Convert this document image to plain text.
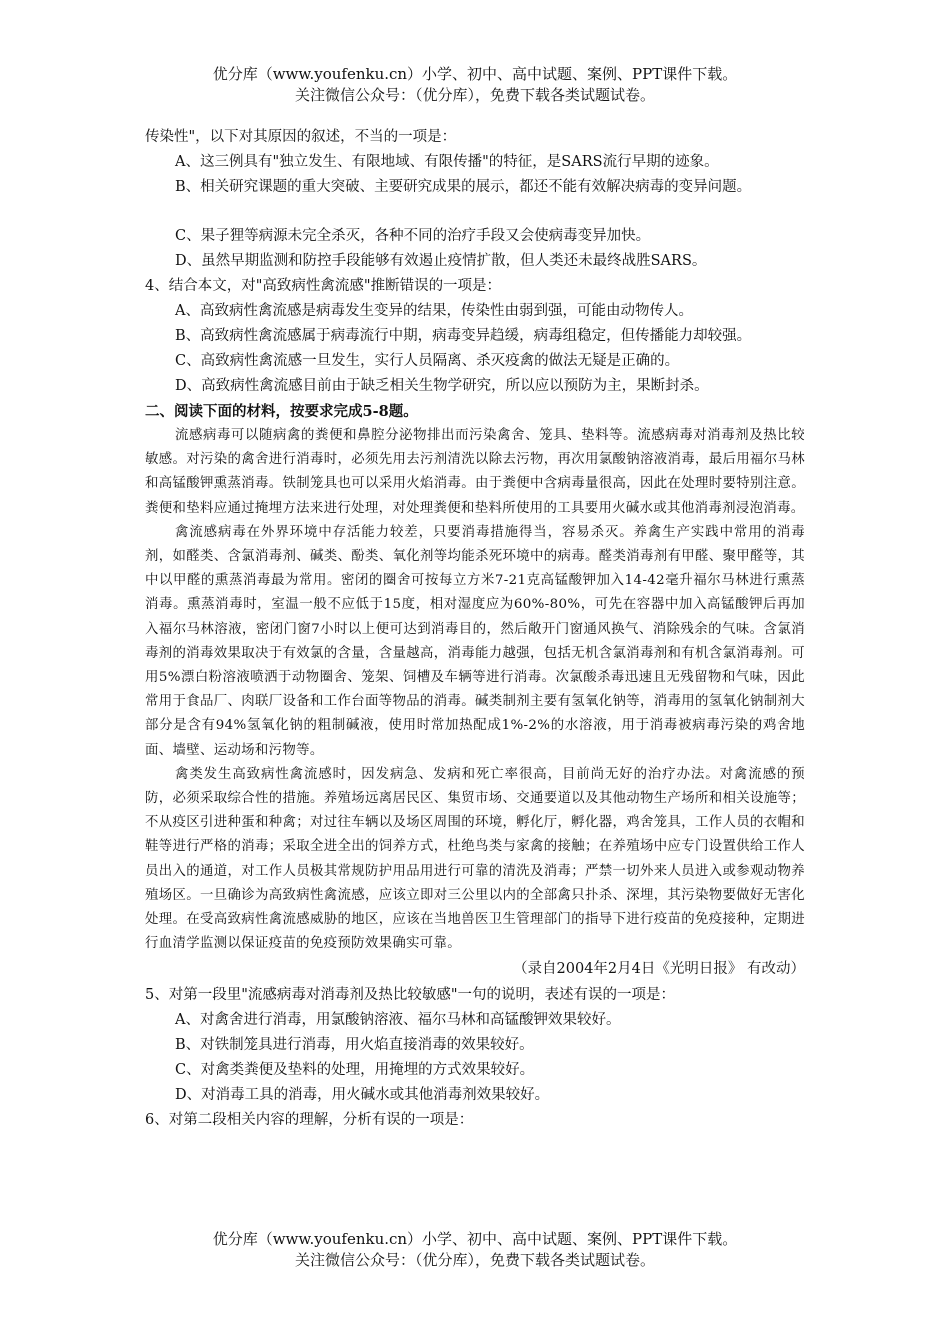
优分库（www.youfenku.cn）小学、初中、高中试题、案例、PPT课件下载。
关注微信公众号：（优分库），免费下载各类试题试卷。
传染性"，以下对其原因的叙述，不当的一项是：
A、这三例具有"独立发生、有限地域、有限传播"的特征，是SARS流行早期的迹象。
B、相关研究课题的重大突破、主要研究成果的展示，都还不能有效解决病毒的变异问题。
C、果子狸等病源未完全杀灭，各种不同的治疗手段又会使病毒变异加快。
D、虽然早期监测和防控手段能够有效遏止疫情扩散，但人类还未最终战胜SARS。
4、结合本文，对"高致病性禽流感"推断错误的一项是：
A、高致病性禽流感是病毒发生变异的结果，传染性由弱到强，可能由动物传人。
B、高致病性禽流感属于病毒流行中期，病毒变异趋缓，病毒组稳定，但传播能力却较强。
C、高致病性禽流感一旦发生，实行人员隔离、杀灭疫禽的做法无疑是正确的。
D、高致病性禽流感目前由于缺乏相关生物学研究，所以应以预防为主，果断封杀。
二、阅读下面的材料，按要求完成5-8题。

流感病毒可以随病禽的粪便和鼻腔分泌物排出而污染禽舍、笼具、垫料等。流感病毒对消毒剂及热比较敏感。对污染的禽舍进行消毒时，必须先用去污剂清洗以除去污物，再次用氯酸钠溶液消毒，最后用福尔马林和高锰酸钾熏蒸消毒。铁制笼具也可以采用火焰消毒。由于粪便中含病毒量很高，因此在处理时要特别注意。粪便和垫料应通过掩埋方法来进行处理，对处理粪便和垫料所使用的工具要用火碱水或其他消毒剂浸泡消毒。

禽流感病毒在外界环境中存活能力较差，只要消毒措施得当，容易杀灭。养禽生产实践中常用的消毒剂，如醛类、含氯消毒剂、碱类、酚类、氧化剂等均能杀死环境中的病毒。醛类消毒剂有甲醛、聚甲醛等，其中以甲醛的熏蒸消毒最为常用。密闭的圈舍可按每立方米7-21克高锰酸钾加入14-42毫升福尔马林进行熏蒸消毒。熏蒸消毒时，室温一般不应低于15度，相对湿度应为60%-80%，可先在容器中加入高锰酸钾后再加入福尔马林溶液，密闭门窗7小时以上便可达到消毒目的，然后敞开门窗通风换气、消除残余的气味。含氯消毒剂的消毒效果取决于有效氯的含量，含量越高，消毒能力越强，包括无机含氯消毒剂和有机含氯消毒剂。可用5%漂白粉溶液喷洒于动物圈舍、笼架、饲槽及车辆等进行消毒。次氯酸杀毒迅速且无残留物和气味，因此常用于食品厂、肉联厂设备和工作台面等物品的消毒。碱类制剂主要有氢氧化钠等，消毒用的氢氧化钠制剂大部分是含有94%氢氧化钠的粗制碱液，使用时常加热配成1%-2%的水溶液，用于消毒被病毒污染的鸡舍地面、墙壁、运动场和污物等。

禽类发生高致病性禽流感时，因发病急、发病和死亡率很高，目前尚无好的治疗办法。对禽流感的预防，必须采取综合性的措施。养殖场远离居民区、集贸市场、交通要道以及其他动物生产场所和相关设施等；不从疫区引进种蛋和种禽；对过往车辆以及场区周围的环境，孵化厅，孵化器，鸡舍笼具，工作人员的衣帽和鞋等进行严格的消毒；采取全进全出的饲养方式，杜绝鸟类与家禽的接触；在养殖场中应专门设置供给工作人员出入的通道，对工作人员极其常规防护用品用进行可靠的清洗及消毒；严禁一切外来人员进入或参观动物养殖场区。一旦确诊为高致病性禽流感，应该立即对三公里以内的全部禽只扑杀、深埋，其污染物要做好无害化处理。在受高致病性禽流感威胁的地区，应该在当地兽医卫生管理部门的指导下进行疫苗的免疫接种，定期进行血清学监测以保证疫苗的免疫预防效果确实可靠。

（录自2004年2月4日《光明日报》 有改动）
5、对第一段里"流感病毒对消毒剂及热比较敏感"一句的说明，表述有误的一项是：
A、对禽舍进行消毒，用氯酸钠溶液、福尔马林和高锰酸钾效果较好。
B、对铁制笼具进行消毒，用火焰直接消毒的效果较好。
C、对禽类粪便及垫料的处理，用掩埋的方式效果较好。
D、对消毒工具的消毒，用火碱水或其他消毒剂效果较好。
6、对第二段相关内容的理解，分析有误的一项是：
优分库（www.youfenku.cn）小学、初中、高中试题、案例、PPT课件下载。
关注微信公众号：（优分库），免费下载各类试题试卷。
